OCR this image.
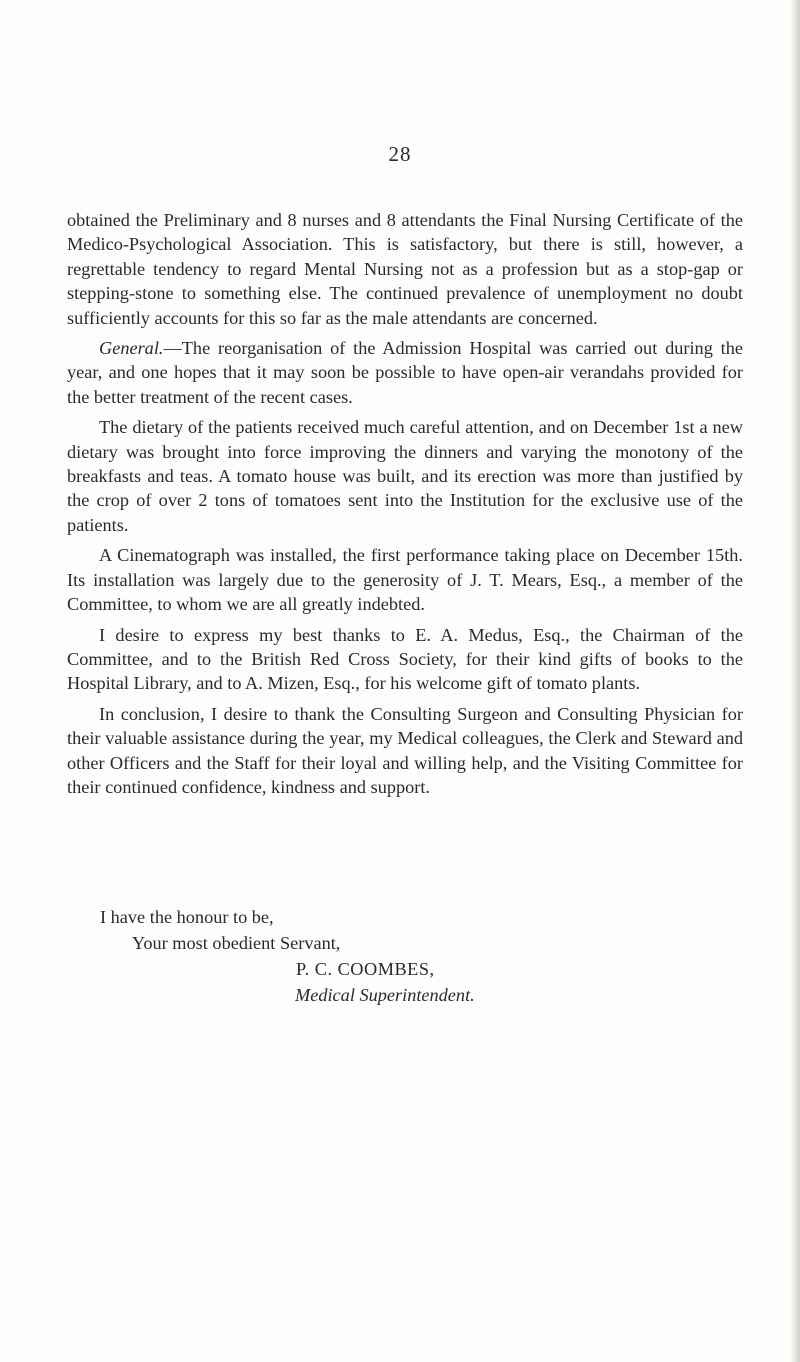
28

obtained the Preliminary and 8 nurses and 8 attendants the Final Nursing Certificate of the Medico-Psychological Association. This is satisfactory, but there is still, however, a regrettable tendency to regard Mental Nursing not as a profession but as a stop-gap or stepping-stone to something else. The continued prevalence of unemployment no doubt sufficiently accounts for this so far as the male attendants are concerned.

General.—The reorganisation of the Admission Hospital was carried out during the year, and one hopes that it may soon be possible to have open-air verandahs provided for the better treatment of the recent cases.

The dietary of the patients received much careful attention, and on December 1st a new dietary was brought into force improving the dinners and varying the monotony of the breakfasts and teas. A tomato house was built, and its erection was more than justified by the crop of over 2 tons of tomatoes sent into the Institution for the exclusive use of the patients.

A Cinematograph was installed, the first performance taking place on December 15th. Its installation was largely due to the generosity of J. T. Mears, Esq., a member of the Committee, to whom we are all greatly indebted.

I desire to express my best thanks to E. A. Medus, Esq., the Chairman of the Committee, and to the British Red Cross Society, for their kind gifts of books to the Hospital Library, and to A. Mizen, Esq., for his welcome gift of tomato plants.

In conclusion, I desire to thank the Consulting Surgeon and Consulting Physician for their valuable assistance during the year, my Medical colleagues, the Clerk and Steward and other Officers and the Staff for their loyal and willing help, and the Visiting Committee for their continued confidence, kindness and support.

I have the honour to be,
Your most obedient Servant,
P. C. COOMBES,
Medical Superintendent.
